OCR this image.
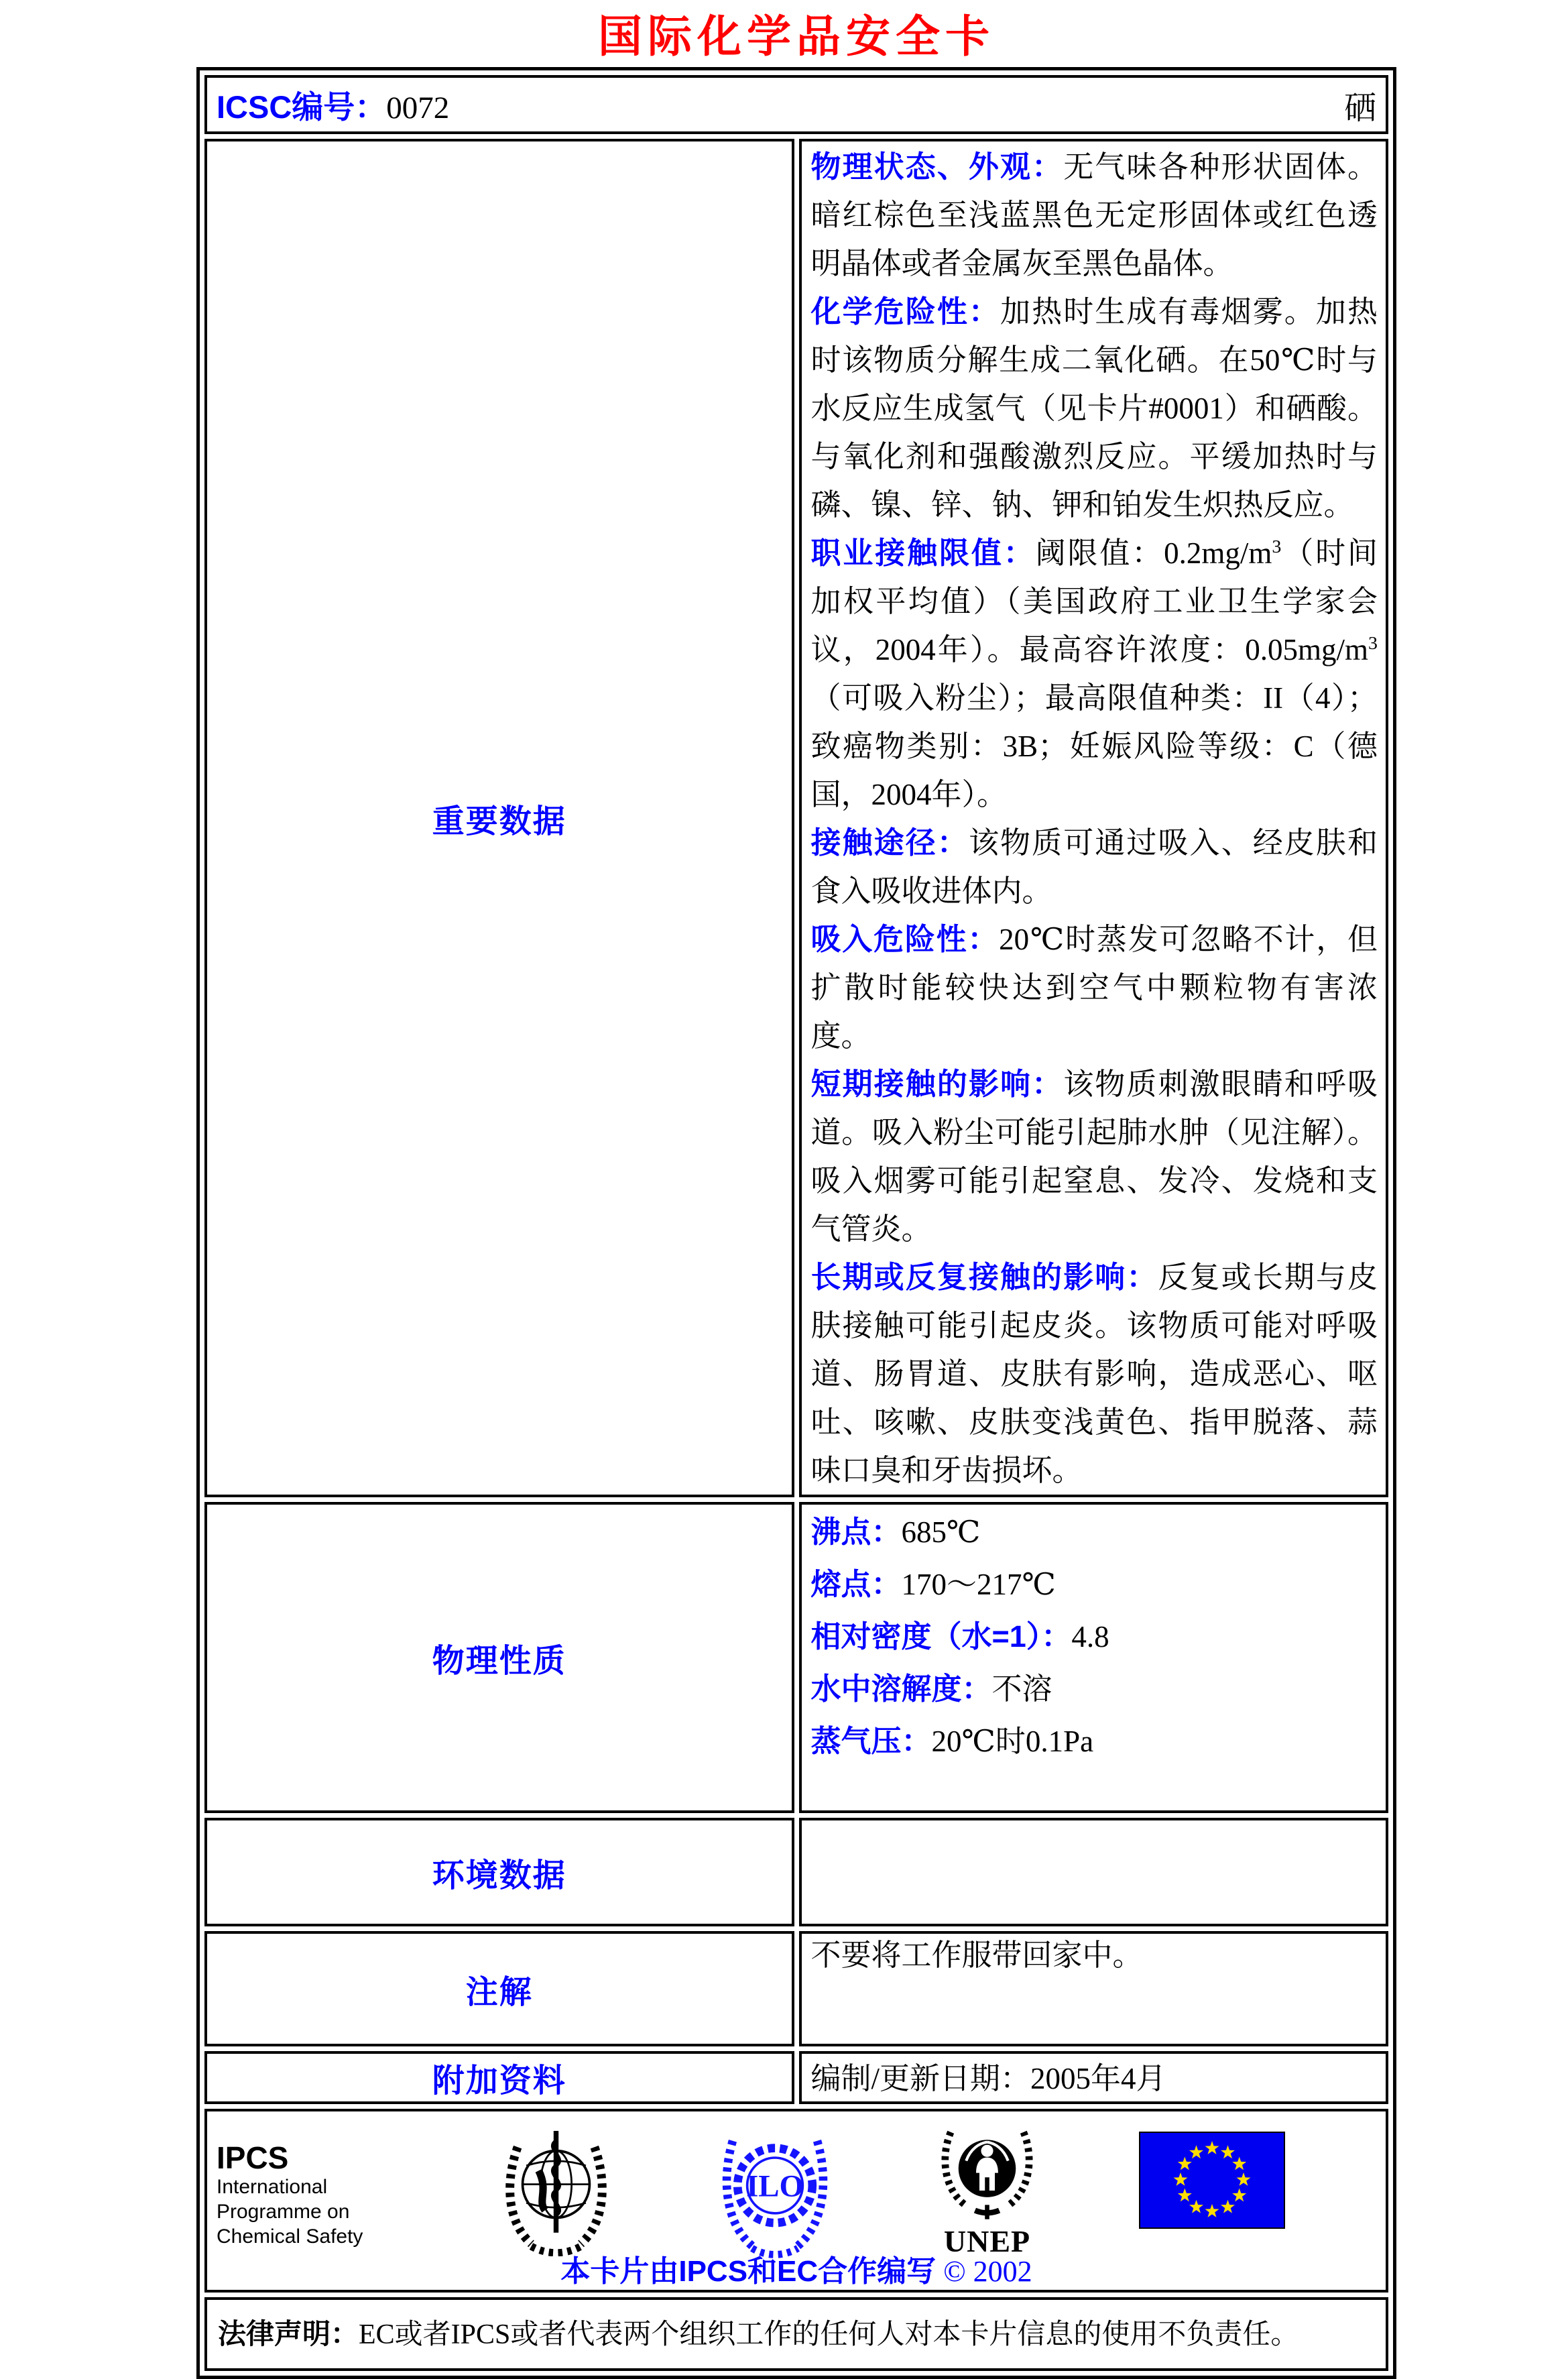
国际化学品安全卡
ICSC编号：0072 硒	

重要数据	
物理状态、外观：无气味各种形状固体。暗红棕色至浅蓝黑色无定形固体或红色透明晶体或者金属灰至黑色晶体。
化学危险性：加热时生成有毒烟雾。加热时该物质分解生成二氧化硒。在50℃时与水反应生成氢气（见卡片#0001）和硒酸。与氧化剂和强酸激烈反应。平缓加热时与磷、镍、锌、钠、钾和铂发生炽热反应。
职业接触限值：阈限值：$0.2mg/m^3$（时间加权平均值）（美国政府工业卫生学家会议，2004年）。最高容许浓度：$0.05mg/m^3$（可吸入粉尘）；最高限值种类：II（4）；致癌物类别：3B；妊娠风险等级：C（德国，2004年）。
接触途径：该物质可通过吸入、经皮肤和食入吸收进体内。
吸入危险性：20℃时蒸发可忽略不计，但扩散时能较快达到空气中颗粒物有害浓度。
短期接触的影响：该物质刺激眼睛和呼吸道。吸入粉尘可能引起肺水肿（见注解）。吸入烟雾可能引起窒息、发冷、发烧和支气管炎。
长期或反复接触的影响：反复或长期与皮肤接触可能引起皮炎。该物质可能对呼吸道、肠胃道、皮肤有影响，造成恶心、呕吐、咳嗽、皮肤变浅黄色、指甲脱落、蒜味口臭和牙齿损坏。

物理性质	沸点：685℃
熔点：170～217℃
相对密度（水=1）：4.8
水中溶解度：不溶
蒸气压：20℃时0.1Pa

环境数据	
注解	不要将工作服带回家中。

附加资料	编制/更新日期：2005年4月

IPCS
International
Programme on
Chemical Safety
ILO
UNEP
本卡片由IPCS和EC合作编写 © 2002

法律声明：EC或者IPCS或者代表两个组织工作的任何人对本卡片信息的使用不负责任。	
